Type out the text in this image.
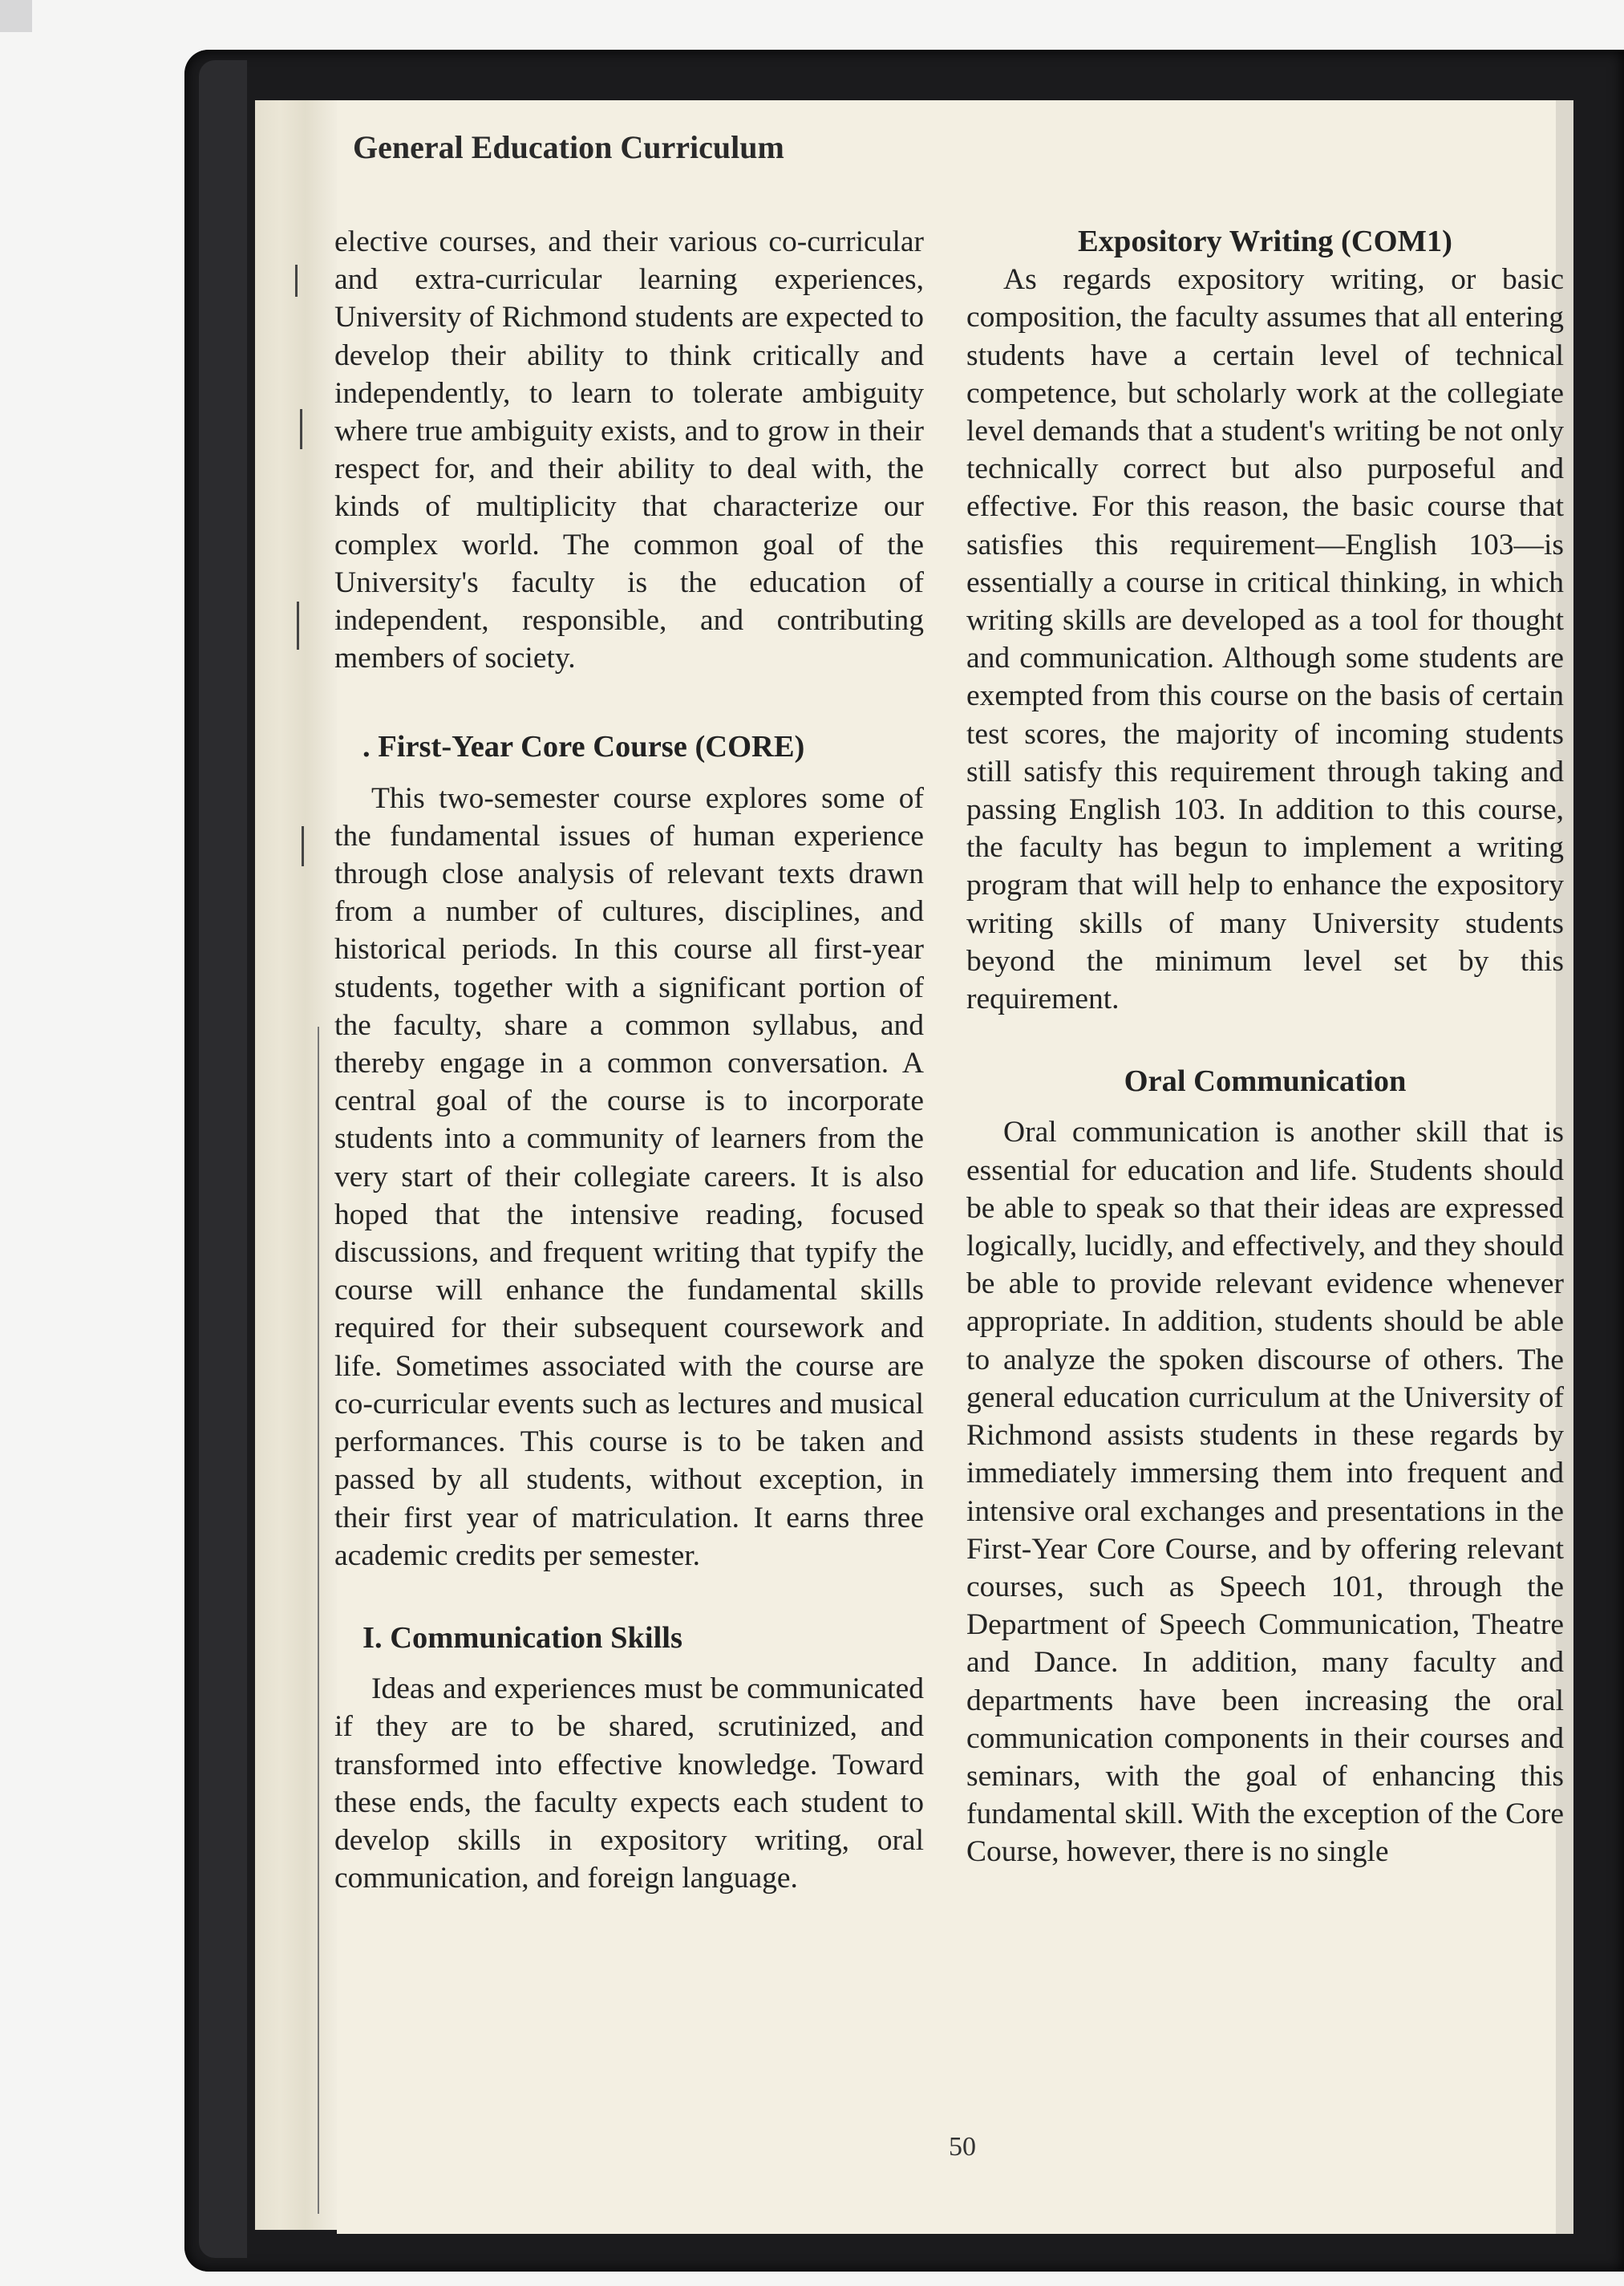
General Education Curriculum

elective courses, and their various co-curricular and extra-curricular learning experiences, University of Richmond students are expected to develop their ability to think critically and independently, to learn to tolerate ambiguity where true ambiguity exists, and to grow in their respect for, and their ability to deal with, the kinds of multiplicity that characterize our complex world. The common goal of the University's faculty is the education of independent, responsible, and contributing members of society.

. First-Year Core Course (CORE)

This two-semester course explores some of the fundamental issues of human experience through close analysis of relevant texts drawn from a number of cultures, disciplines, and historical periods. In this course all first-year students, together with a significant portion of the faculty, share a common syllabus, and thereby engage in a common conversation. A central goal of the course is to incorporate students into a community of learners from the very start of their collegiate careers. It is also hoped that the intensive reading, focused discussions, and frequent writing that typify the course will enhance the fundamental skills required for their subsequent coursework and life. Sometimes associated with the course are co-curricular events such as lectures and musical performances. This course is to be taken and passed by all students, without exception, in their first year of matriculation. It earns three academic credits per semester.

I. Communication Skills

Ideas and experiences must be communicated if they are to be shared, scrutinized, and transformed into effective knowledge. Toward these ends, the faculty expects each student to develop skills in expository writing, oral communication, and foreign language.

Expository Writing (COM1)

As regards expository writing, or basic composition, the faculty assumes that all entering students have a certain level of technical competence, but scholarly work at the collegiate level demands that a student's writing be not only technically correct but also purposeful and effective. For this reason, the basic course that satisfies this requirement—English 103—is essentially a course in critical thinking, in which writing skills are developed as a tool for thought and communication. Although some students are exempted from this course on the basis of certain test scores, the majority of incoming students still satisfy this requirement through taking and passing English 103. In addition to this course, the faculty has begun to implement a writing program that will help to enhance the expository writing skills of many University students beyond the minimum level set by this requirement.

Oral Communication

Oral communication is another skill that is essential for education and life. Students should be able to speak so that their ideas are expressed logically, lucidly, and effectively, and they should be able to provide relevant evidence whenever appropriate. In addition, students should be able to analyze the spoken discourse of others. The general education curriculum at the University of Richmond assists students in these regards by immediately immersing them into frequent and intensive oral exchanges and presentations in the First-Year Core Course, and by offering relevant courses, such as Speech 101, through the Department of Speech Communication, Theatre and Dance. In addition, many faculty and departments have been increasing the oral communication components in their courses and seminars, with the goal of enhancing this fundamental skill. With the exception of the Core Course, however, there is no single

50
